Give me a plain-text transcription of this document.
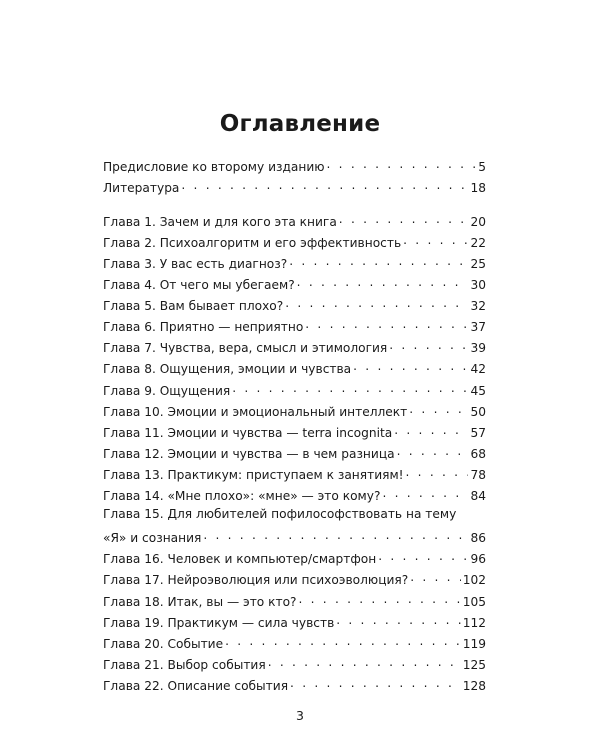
Оглавление
Предисловие ко второму изданию . . .	5
Литература . . .	18
Глава 1. Зачем и для кого эта книга . . .	20
Глава 2. Психоалгоритм и его эффективность . . .	22
Глава 3. У вас есть диагноз? . . .	25
Глава 4. От чего мы убегаем? . . .	30
Глава 5. Вам бывает плохо? . . .	32
Глава 6. Приятно — неприятно . . .	37
Глава 7. Чувства, вера, смысл и этимология . . .	39
Глава 8. Ощущения, эмоции и чувства . . .	42
Глава 9. Ощущения . . .	45
Глава 10. Эмоции и эмоциональный интеллект . . .	50
Глава 11. Эмоции и чувства — terra incognita . . .	57
Глава 12. Эмоции и чувства — в чем разница . . .	68
Глава 13. Практикум: приступаем к занятиям! . . .	78
Глава 14. «Мне плохо»: «мне» — это кому? . . .	84
Глава 15. Для любителей пофилософствовать на тему
«Я» и сознания . . .	86
Глава 16. Человек и компьютер/смартфон . . .	96
Глава 17. Нейроэволюция или психоэволюция? . . .	102
Глава 18. Итак, вы — это кто? . . .	105
Глава 19. Практикум — сила чувств . . .	112
Глава 20. Событие . . .	119
Глава 21. Выбор события . . .	125
Глава 22. Описание события . . .	128
3
